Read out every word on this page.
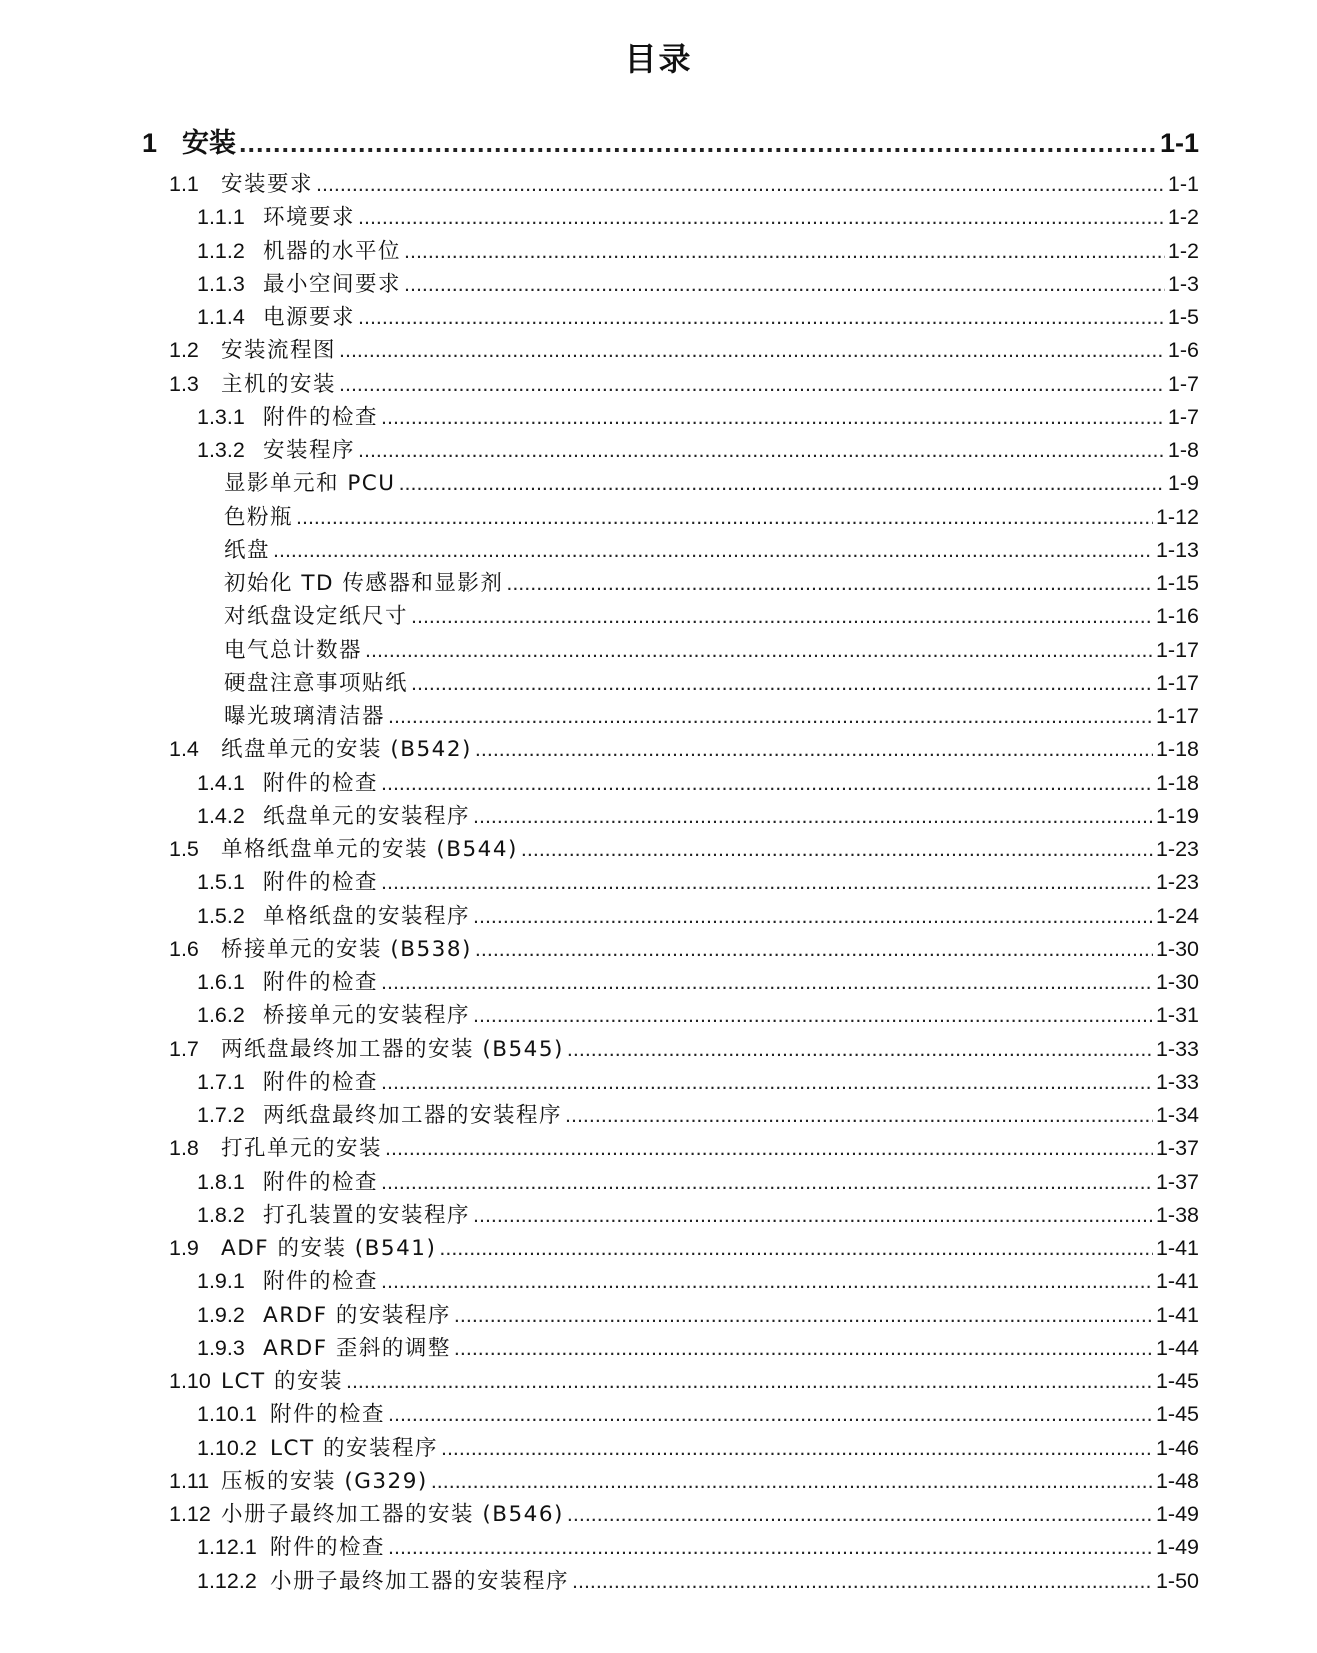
目录
1 安装 .....	1-1
1.1	安装要求 .....	1-1
1.1.1 环境要求 .....	1-2
1.1.2 机器的水平位 .....	1-2
1.1.3 最小空间要求 .....	1-3
1.1.4 电源要求 .....	1-5
1.2	安装流程图 .....	1-6
1.3	主机的安装 .....	1-7
1.3.1 附件的检查 .....	1-7
1.3.2 安装程序 .....	1-8
显影单元和 PCU .....	1-9
色粉瓶 .....	1-12
纸盘 .....	1-13
初始化 TD 传感器和显影剂 .....	1-15
对纸盘设定纸尺寸 .....	1-16
电气总计数器 .....	1-17
硬盘注意事项贴纸 .....	1-17
曝光玻璃清洁器 .....	1-17
1.4	纸盘单元的安装 (B542) .....	1-18
1.4.1 附件的检查 .....	1-18
1.4.2 纸盘单元的安装程序 .....	1-19
1.5	单格纸盘单元的安装 (B544) .....	1-23
1.5.1 附件的检查 .....	1-23
1.5.2 单格纸盘的安装程序 .....	1-24
1.6	桥接单元的安装 (B538) .....	1-30
1.6.1 附件的检查 .....	1-30
1.6.2 桥接单元的安装程序 .....	1-31
1.7	两纸盘最终加工器的安装 (B545) .....	1-33
1.7.1 附件的检查 .....	1-33
1.7.2 两纸盘最终加工器的安装程序 .....	1-34
1.8	打孔单元的安装 .....	1-37
1.8.1 附件的检查 .....	1-37
1.8.2 打孔装置的安装程序 .....	1-38
1.9	ADF 的安装 (B541) .....	1-41
1.9.1 附件的检查 .....	1-41
1.9.2 ARDF 的安装程序 .....	1-41
1.9.3 ARDF 歪斜的调整 .....	1-44
1.10 LCT 的安装 .....	1-45
1.10.1 附件的检查 .....	1-45
1.10.2 LCT 的安装程序 .....	1-46
1.11 压板的安装 (G329) .....	1-48
1.12 小册子最终加工器的安装 (B546) .....	1-49
1.12.1 附件的检查 .....	1-49
1.12.2 小册子最终加工器的安装程序 .....	1-50
